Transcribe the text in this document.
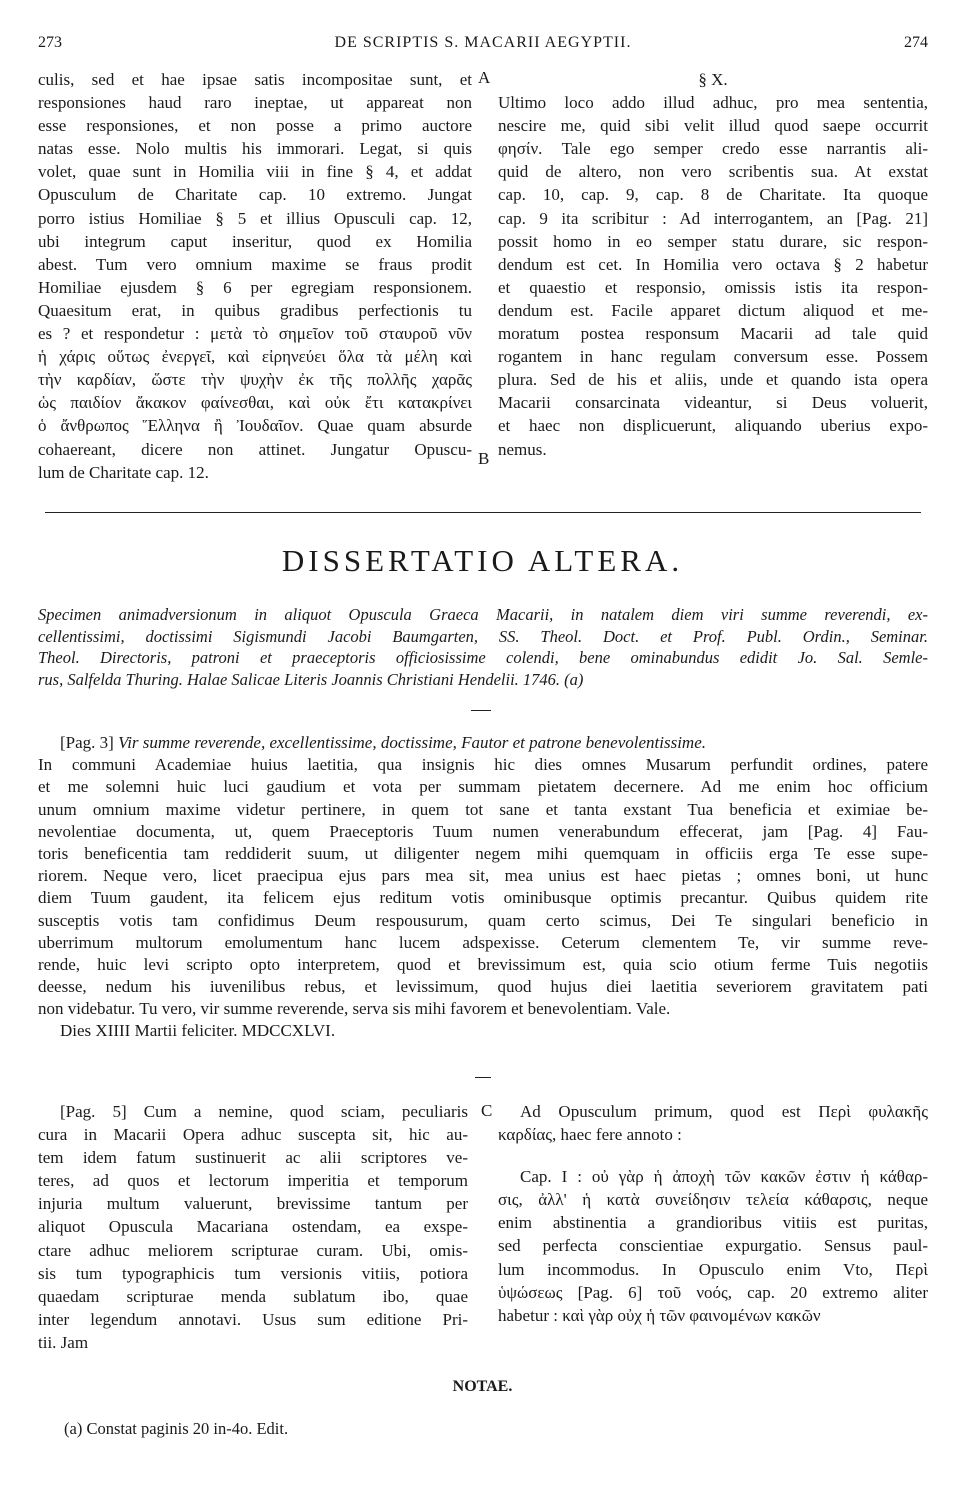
273	DE SCRIPTIS S. MACARII AEGYPTII.	274
culis, sed et hae ipsae satis incompositae sunt, et
responsiones haud raro ineptae, ut appareat non
esse responsiones, et non posse a primo auctore
natas esse. Nolo multis his immorari. Legat, si quis
volet, quae sunt in Homilia viii in fine § 4, et addat
Opusculum de Charitate cap. 10 extremo. Jungat
porro istius Homiliae § 5 et illius Opusculi cap. 12,
ubi integrum caput inseritur, quod ex Homilia
abest. Tum vero omnium maxime se fraus prodit
Homiliae ejusdem § 6 per egregiam responsionem.
Quaesitum erat, in quibus gradibus perfectionis tu
es ? et respondetur : μετὰ τὸ σημεῖον τοῦ σταυροῦ νῦν
ἡ χάρις οὕτως ἐνεργεῖ, καὶ εἰρηνεύει ὅλα τὰ μέλη καὶ
τὴν καρδίαν, ὥστε τὴν ψυχὴν ἐκ τῆς πολλῆς χαρᾶς
ὡς παιδίον ἄκακον φαίνεσθαι, καὶ οὐκ ἔτι κατακρίνει
ὁ ἄνθρωπος Ἕλληνα ἢ Ἰουδαῖον. Quae quam absurde
cohaereant, dicere non attinet. Jungatur Opuscu-
lum de Charitate cap. 12.
A
B
§ X.
Ultimo loco addo illud adhuc, pro mea sententia,
nescire me, quid sibi velit illud quod saepe occurrit
φησίν. Tale ego semper credo esse narrantis ali-
quid de altero, non vero scribentis sua. At exstat
cap. 10, cap. 9, cap. 8 de Charitate. Ita quoque
cap. 9 ita scribitur : Ad interrogantem, an [Pag. 21]
possit homo in eo semper statu durare, sic respon-
dendum est cet. In Homilia vero octava § 2 habetur
et quaestio et responsio, omissis istis ita respon-
dendum est. Facile apparet dictum aliquod et me-
moratum postea responsum Macarii ad tale quid
rogantem in hanc regulam conversum esse. Possem
plura. Sed de his et aliis, unde et quando ista opera
Macarii consarcinata videantur, si Deus voluerit,
et haec non displicuerunt, aliquando uberius expo-
nemus.
DISSERTATIO ALTERA.
Specimen animadversionum in aliquot Opuscula Graeca Macarii, in natalem diem viri summe reverendi, ex-
cellentissimi, doctissimi Sigismundi Jacobi Baumgarten, SS. Theol. Doct. et Prof. Publ. Ordin., Seminar.
Theol. Directoris, patroni et praeceptoris officiosissime colendi, bene ominabundus edidit Jo. Sal. Semle-
rus, Salfelda Thuring. Halae Salicae Literis Joannis Christiani Hendelii. 1746. (a)
[Pag. 3] Vir summe reverende, excellentissime, doctissime, Fautor et patrone benevolentissime.
In communi Academiae huius laetitia, qua insignis hic dies omnes Musarum perfundit ordines, patere
et me solemni huic luci gaudium et vota per summam pietatem decernere. Ad me enim hoc officium
unum omnium maxime videtur pertinere, in quem tot sane et tanta exstant Tua beneficia et eximiae be-
nevolentiae documenta, ut, quem Praeceptoris Tuum numen venerabundum effecerat, jam [Pag. 4] Fau-
toris beneficentia tam reddiderit suum, ut diligenter negem mihi quemquam in officiis erga Te esse supe-
riorem. Neque vero, licet praecipua ejus pars mea sit, mea unius est haec pietas ; omnes boni, ut hunc
diem Tuum gaudent, ita felicem ejus reditum votis ominibusque optimis precantur. Quibus quidem rite
susceptis votis tam confidimus Deum respousurum, quam certo scimus, Dei Te singulari beneficio in
uberrimum multorum emolumentum hanc lucem adspexisse. Ceterum clementem Te, vir summe reve-
rende, huic levi scripto opto interpretem, quod et brevissimum est, quia scio otium ferme Tuis negotiis
deesse, nedum his iuvenilibus rebus, et levissimum, quod hujus diei laetitia severiorem gravitatem pati
non videbatur. Tu vero, vir summe reverende, serva sis mihi favorem et benevolentiam. Vale.
Dies XIIII Martii feliciter. MDCCXLVI.
[Pag. 5] Cum a nemine, quod sciam, peculiaris
cura in Macarii Opera adhuc suscepta sit, hic au-
tem idem fatum sustinuerit ac alii scriptores ve-
teres, ad quos et lectorum imperitia et temporum
injuria multum valuerunt, brevissime tantum per
aliquot Opuscula Macariana ostendam, ea exspe-
ctare adhuc meliorem scripturae curam. Ubi, omis-
sis tum typographicis tum versionis vitiis, potiora
quaedam scripturae menda sublatum ibo, quae
inter legendum annotavi. Usus sum editione Pri-
tii. Jam
C	Ad Opusculum primum, quod est Περὶ φυλακῆς
καρδίας, haec fere annoto :
Cap. I : οὐ γὰρ ἡ ἀποχὴ τῶν κακῶν ἐστιν ἡ κάθαρ-
σις, ἀλλ' ἡ κατὰ συνείδησιν τελεία κάθαρσις, neque
enim abstinentia a grandioribus vitiis est puritas,
sed perfecta conscientiae expurgatio. Sensus paul-
lum incommodus. In Opusculo enim Vto, Περὶ
ὑψώσεως [Pag. 6] τοῦ νοός, cap. 20 extremo aliter
habetur : καὶ γὰρ οὐχ ἡ τῶν φαινομένων κακῶν
NOTAE.
(a) Constat paginis 20 in-4o. Edit.
